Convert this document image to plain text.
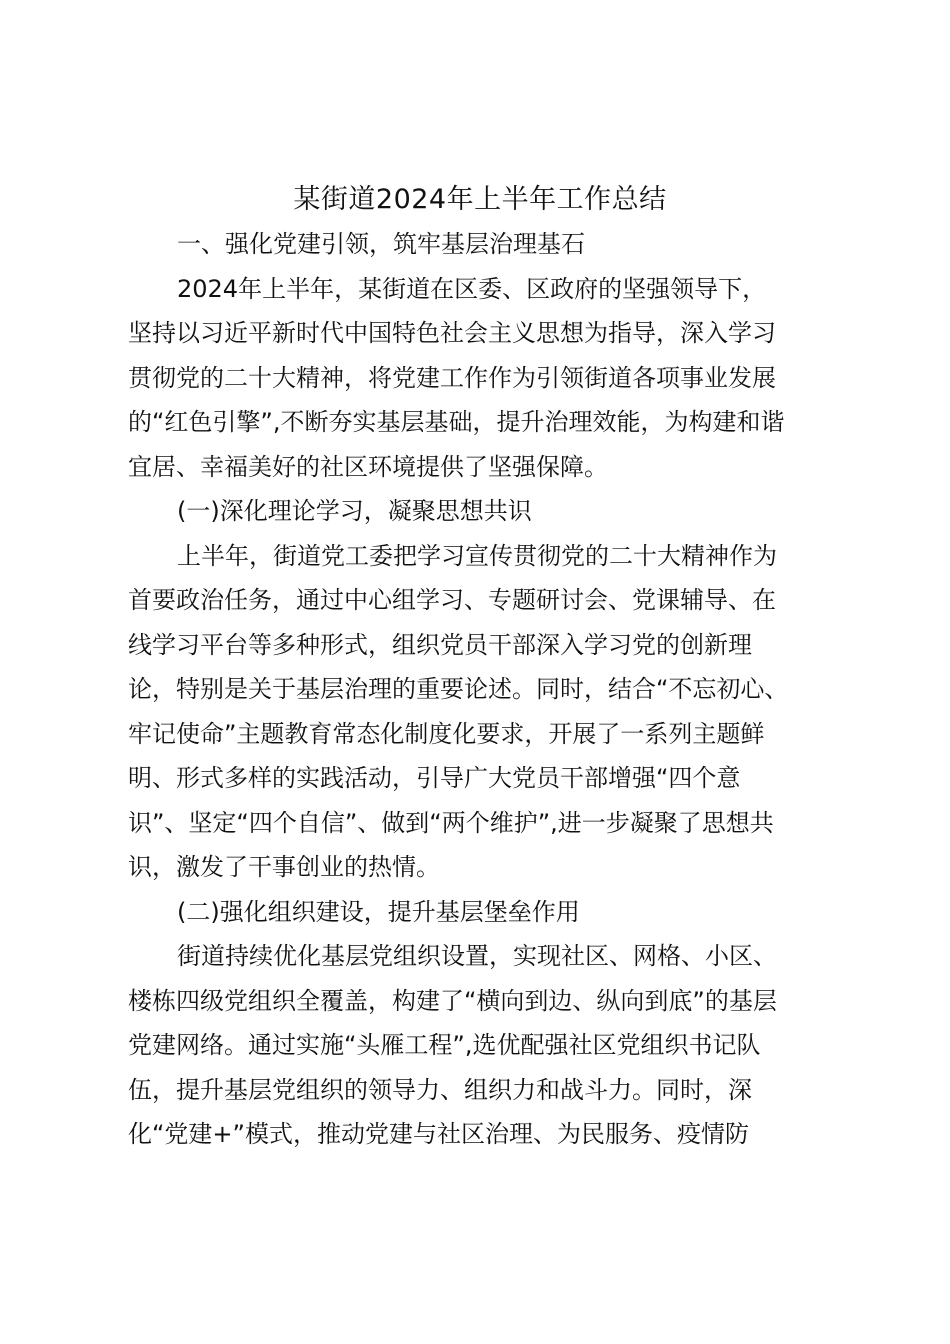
某街道2024年上半年工作总结
一、强化党建引领，筑牢基层治理基石
2024年上半年，某街道在区委、区政府的坚强领导下，
坚持以习近平新时代中国特色社会主义思想为指导，深入学习
贯彻党的二十大精神，将党建工作作为引领街道各项事业发展
的“红色引擎”,不断夯实基层基础，提升治理效能，为构建和谐
宜居、幸福美好的社区环境提供了坚强保障。
(一)深化理论学习，凝聚思想共识
上半年，街道党工委把学习宣传贯彻党的二十大精神作为
首要政治任务，通过中心组学习、专题研讨会、党课辅导、在
线学习平台等多种形式，组织党员干部深入学习党的创新理
论，特别是关于基层治理的重要论述。同时，结合“不忘初心、
牢记使命”主题教育常态化制度化要求，开展了一系列主题鲜
明、形式多样的实践活动，引导广大党员干部增强“四个意
识”、坚定“四个自信”、做到“两个维护”,进一步凝聚了思想共
识，激发了干事创业的热情。
(二)强化组织建设，提升基层堡垒作用
街道持续优化基层党组织设置，实现社区、网格、小区、
楼栋四级党组织全覆盖，构建了“横向到边、纵向到底”的基层
党建网络。通过实施“头雁工程”,选优配强社区党组织书记队
伍，提升基层党组织的领导力、组织力和战斗力。同时，深
化“党建+”模式，推动党建与社区治理、为民服务、疫情防
